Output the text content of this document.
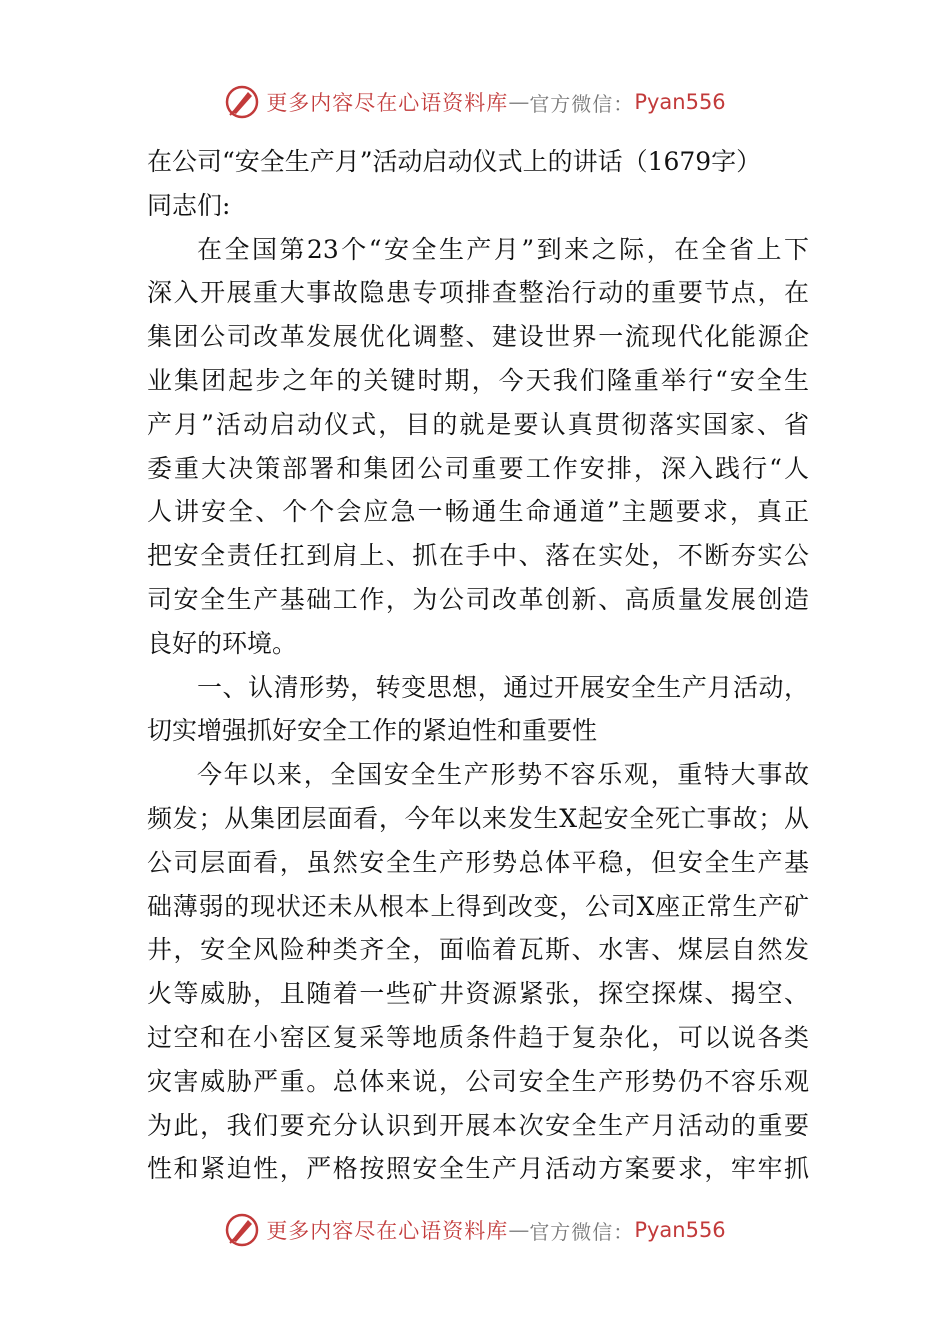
更多内容尽在心语资料库 — 官方微信： Pyan556
在公司“安全生产月”活动启动仪式上的讲话（1679字）
同志们:
在全国第23个“安全生产月”到来之际，在全省上下
深入开展重大事故隐患专项排查整治行动的重要节点，在
集团公司改革发展优化调整、建设世界一流现代化能源企
业集团起步之年的关键时期，今天我们隆重举行“安全生
产月”活动启动仪式，目的就是要认真贯彻落实国家、省
委重大决策部署和集团公司重要工作安排，深入践行“人
人讲安全、个个会应急一畅通生命通道”主题要求，真正
把安全责任扛到肩上、抓在手中、落在实处，不断夯实公
司安全生产基础工作，为公司改革创新、高质量发展创造
良好的环境。
一、认清形势，转变思想，通过开展安全生产月活动，
切实增强抓好安全工作的紧迫性和重要性
今年以来，全国安全生产形势不容乐观，重特大事故
频发；从集团层面看，今年以来发生X起安全死亡事故；从
公司层面看，虽然安全生产形势总体平稳，但安全生产基
础薄弱的现状还未从根本上得到改变，公司X座正常生产矿
井，安全风险种类齐全，面临着瓦斯、水害、煤层自然发
火等威胁，且随着一些矿井资源紧张，探空探煤、揭空、
过空和在小窑区复采等地质条件趋于复杂化，可以说各类
灾害威胁严重。总体来说，公司安全生产形势仍不容乐观
为此，我们要充分认识到开展本次安全生产月活动的重要
性和紧迫性，严格按照安全生产月活动方案要求，牢牢抓
更多内容尽在心语资料库 — 官方微信： Pyan556
